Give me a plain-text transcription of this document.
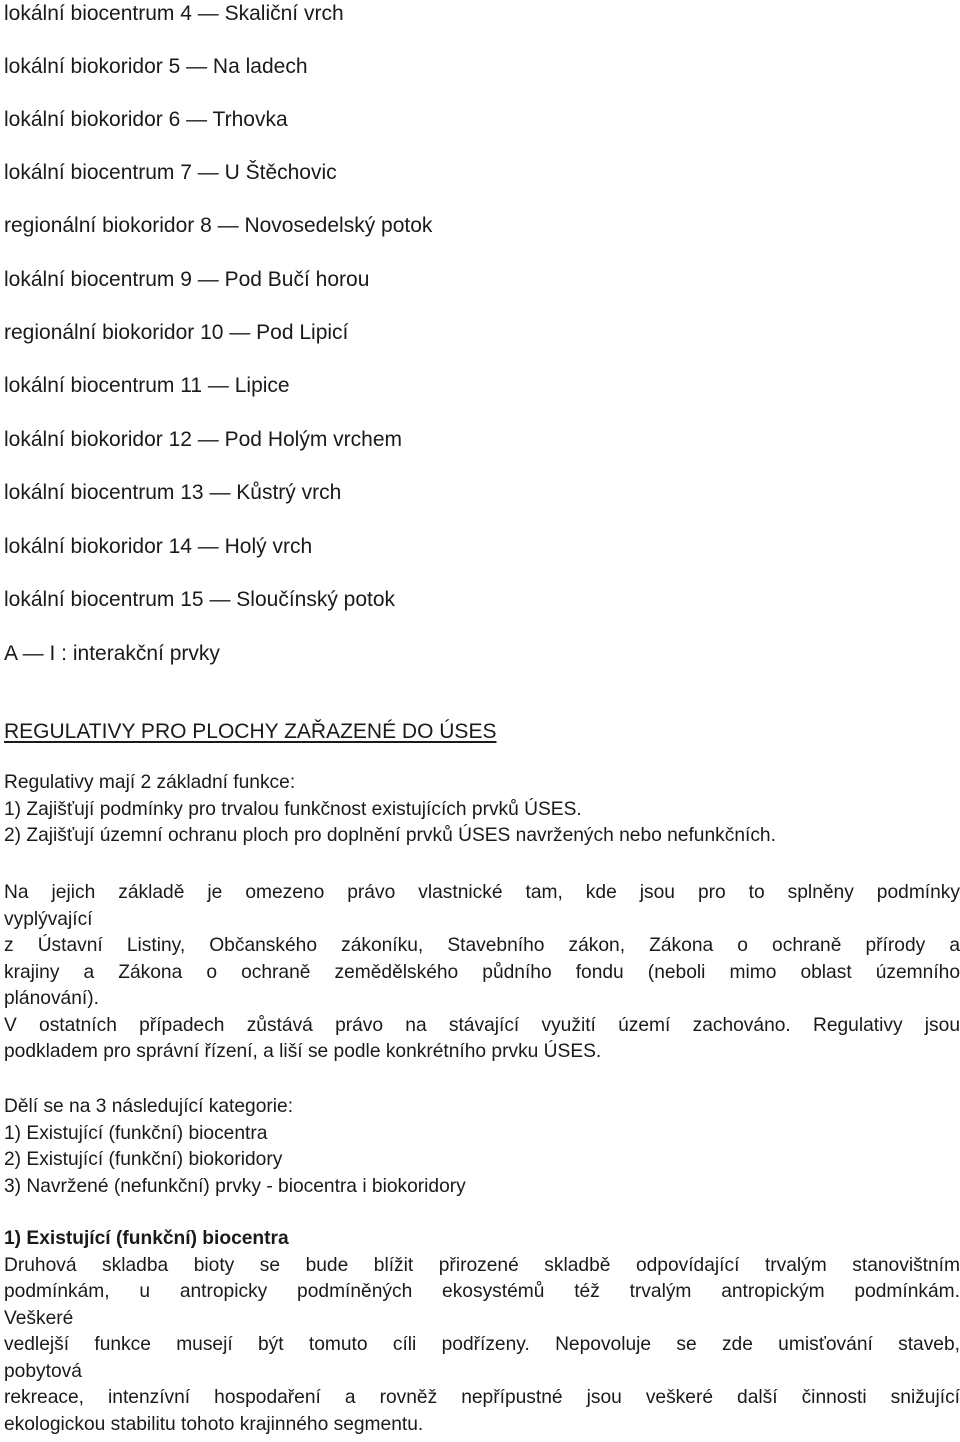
lokální biocentrum 4 — Skaliční vrch
lokální biokoridor 5 — Na ladech
lokální biokoridor 6 — Trhovka
lokální biocentrum 7 — U Štěchovic
regionální biokoridor 8 — Novosedelský potok
lokální biocentrum 9 — Pod Bučí horou
regionální biokoridor 10 — Pod Lipicí
lokální biocentrum 11 — Lipice
lokální biokoridor 12 — Pod Holým vrchem
lokální biocentrum 13 — Kůstrý vrch
lokální biokoridor 14 — Holý vrch
lokální biocentrum 15 — Sloučínský potok
A — I : interakční prvky
REGULATIVY PRO PLOCHY ZAŘAZENÉ DO ÚSES
Regulativy mají 2 základní funkce:
1) Zajišťují podmínky pro trvalou funkčnost existujících prvků ÚSES.
2) Zajišťují územní ochranu ploch pro doplnění prvků ÚSES navržených nebo nefunkčních.
Na jejich základě je omezeno právo vlastnické tam, kde jsou pro to splněny podmínky
vyplývající
z Ústavní Listiny, Občanského zákoníku, Stavebního zákon, Zákona o ochraně přírody a
krajiny a Zákona o ochraně zemědělského půdního fondu (neboli mimo oblast územního
plánování).
V ostatních případech zůstává právo na stávající využití území zachováno. Regulativy jsou
podkladem pro správní řízení, a liší se podle konkrétního prvku ÚSES.
Dělí se na 3 následující kategorie:
1) Existující (funkční) biocentra
2) Existující (funkční) biokoridory
3) Navržené (nefunkční) prvky - biocentra i biokoridory
1) Existující (funkční) biocentra
Druhová skladba bioty se bude blížit přirozené skladbě odpovídající trvalým stanovištním
podmínkám, u antropicky podmíněných ekosystémů též trvalým antropickým podmínkám.
Veškeré
vedlejší funkce musejí být tomuto cíli podřízeny. Nepovoluje se zde umisťování staveb,
pobytová
rekreace, intenzívní hospodaření a rovněž nepřípustné jsou veškeré další činnosti snižující
ekologickou stabilitu tohoto krajinného segmentu.
